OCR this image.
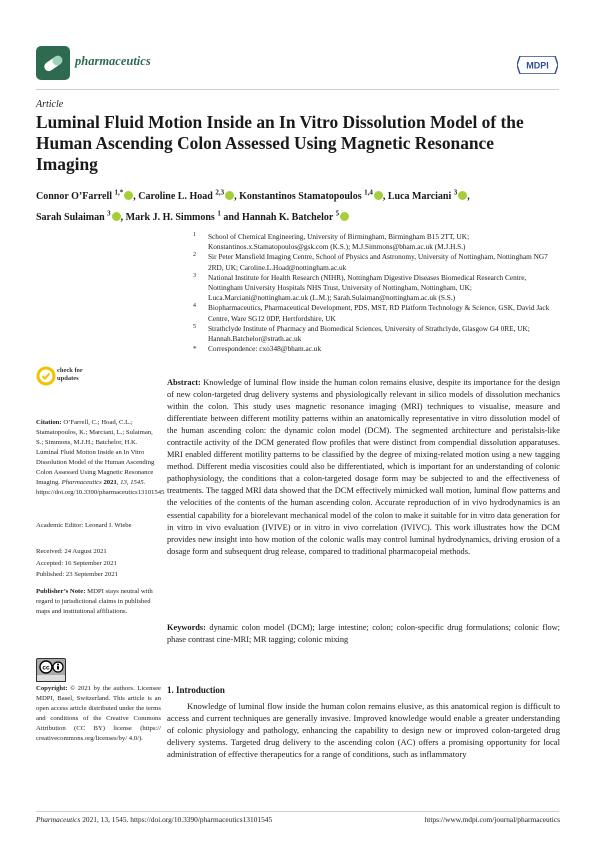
pharmaceutics	MDPI
Article
Luminal Fluid Motion Inside an In Vitro Dissolution Model of the Human Ascending Colon Assessed Using Magnetic Resonance Imaging
Connor O’Farrell $^{1,*}$ , Caroline L. Hoad $^{2,3}$ , Konstantinos Stamatopoulos $^{1,4}$ , Luca Marciani $^3$ , Sarah Sulaiman $^3$ , Mark J. H. Simmons $^1$ and Hannah K. Batchelor $^5$
1 School of Chemical Engineering, University of Birmingham, Birmingham B15 2TT, UK; Konstantinos.x.Stamatopoulos@gsk.com (K.S.); M.J.Simmons@bham.ac.uk (M.J.H.S.)
2 Sir Peter Mansfield Imaging Centre, School of Physics and Astronomy, University of Nottingham, Nottingham NG7 2RD, UK; Caroline.L.Hoad@nottingham.ac.uk
3 National Institute for Health Research (NIHR), Nottingham Digestive Diseases Biomedical Research Centre, Nottingham University Hospitals NHS Trust, University of Nottingham, Nottingham, UK; Luca.Marciani@nottingham.ac.uk (L.M.); Sarah.Sulaiman@nottingham.ac.uk (S.S.)
4 Biopharmaceutics, Pharmaceutical Development, PDS, MST, RD Platform Technology & Science, GSK, David Jack Centre, Ware SG12 0DP, Hertfordshire, UK
5 Strathclyde Institute of Pharmacy and Biomedical Sciences, University of Strathclyde, Glasgow G4 0RE, UK; Hannah.Batchelor@strath.ac.uk
* Correspondence: cxo348@bham.ac.uk
check for
updates
Citation: O’Farrell, C.; Hoad, C.L.; Stamatopoulos, K.; Marciani, L.; Sulaiman, S.; Simmons, M.J.H.; Batchelor, H.K. Luminal Fluid Motion Inside an In Vitro Dissolution Model of the Human Ascending Colon Assessed Using Magnetic Resonance Imaging. Pharmaceutics 2021, 13, 1545. https://doi.org/10.3390/pharmaceutics13101545
Academic Editor: Leonard I. Wiebe
Received: 24 August 2021
Accepted: 16 September 2021
Published: 23 September 2021
Publisher’s Note: MDPI stays neutral with regard to jurisdictional claims in published maps and institutional affiliations.
cc
Copyright: © 2021 by the authors. Licensee MDPI, Basel, Switzerland. This article is an open access article distributed under the terms and conditions of the Creative Commons Attribution (CC BY) license (https:// creativecommons.org/licenses/by/ 4.0/).
Abstract: Knowledge of luminal flow inside the human colon remains elusive, despite its importance for the design of new colon-targeted drug delivery systems and physiologically relevant in silico models of dissolution mechanics within the colon. This study uses magnetic resonance imaging (MRI) techniques to visualise, measure and differentiate between different motility patterns within an anatomically representative in vitro dissolution model of the human ascending colon: the dynamic colon model (DCM). The segmented architecture and peristalsis-like contractile activity of the DCM generated flow profiles that were distinct from compendial dissolution apparatuses. MRI enabled different motility patterns to be classified by the degree of mixing-related motion using a new tagging method. Different media viscosities could also be differentiated, which is important for an understanding of colonic pathophysiology, the conditions that a colon-targeted dosage form may be subjected to and the effectiveness of treatments. The tagged MRI data showed that the DCM effectively mimicked wall motion, luminal flow patterns and the velocities of the contents of the human ascending colon. Accurate reproduction of in vivo hydrodynamics is an essential capability for a biorelevant mechanical model of the colon to make it suitable for in vitro data generation for in vitro in vivo evaluation (IVIVE) or in vitro in vivo correlation (IVIVC). This work illustrates how the DCM provides new insight into how motion of the colonic walls may control luminal hydrodynamics, driving erosion of a dosage form and subsequent drug release, compared to traditional pharmacopeial methods.
Keywords: dynamic colon model (DCM); large intestine; colon; colon-specific drug formulations; colonic flow; phase contrast cine-MRI; MR tagging; colonic mixing
1. Introduction
Knowledge of luminal flow inside the human colon remains elusive, as this anatomical region is difficult to access and current techniques are generally invasive. Improved knowledge would enable a greater understanding of colonic physiology and pathology, enhancing the capability to design new or improved colon-targeted drug delivery systems. Targeted drug delivery to the ascending colon (AC) offers a promising opportunity for local administration of effective therapeutics for a range of conditions, such as inflammatory
Pharmaceutics 2021, 13, 1545. https://doi.org/10.3390/pharmaceutics13101545	https://www.mdpi.com/journal/pharmaceutics
